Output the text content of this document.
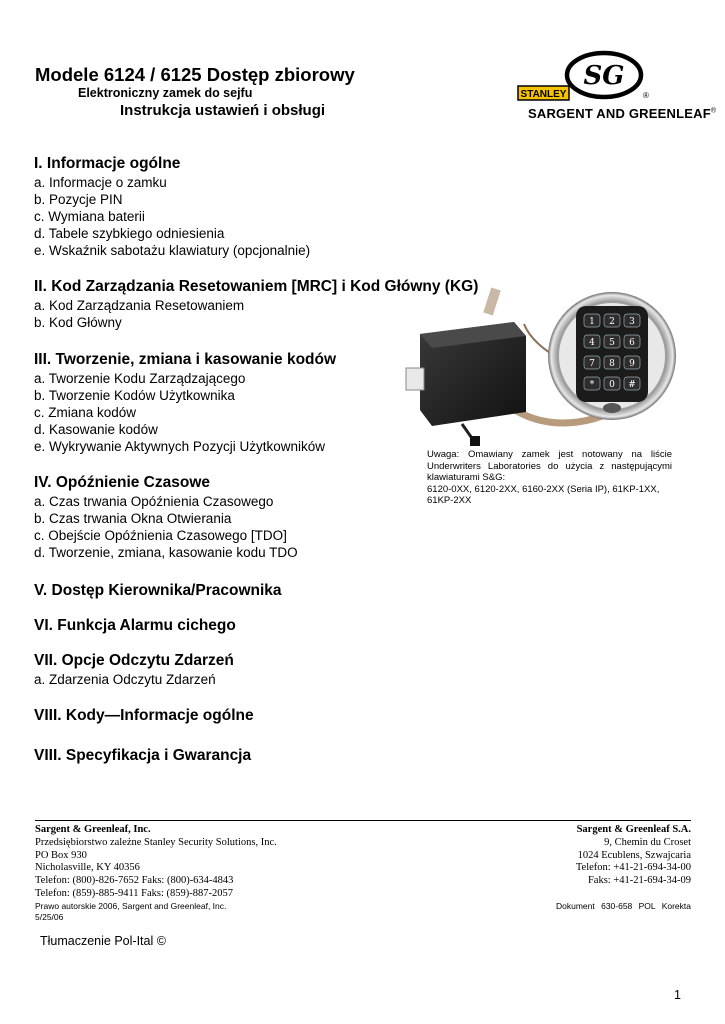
Modele 6124 / 6125 Dostęp zbiorowy
Elektroniczny zamek do sejfu
Instrukcja ustawień i obsługi
SG
STANLEY	®
SARGENT AND GREENLEAF®
I. Informacje ogólne
a. Informacje o zamku
b. Pozycje PIN
c. Wymiana baterii
d. Tabele szybkiego odniesienia
e. Wskaźnik sabotażu klawiatury (opcjonalnie)
II. Kod Zarządzania Resetowaniem [MRC] i Kod Główny (KG)
a. Kod Zarządzania Resetowaniem
b. Kod Główny
III. Tworzenie, zmiana i kasowanie kodów
a. Tworzenie Kodu Zarządzającego
b. Tworzenie Kodów Użytkownika
c. Zmiana kodów
d. Kasowanie kodów
e. Wykrywanie Aktywnych Pozycji Użytkowników
IV. Opóźnienie Czasowe
a. Czas trwania Opóźnienia Czasowego
b. Czas trwania Okna Otwierania
c. Obejście Opóźnienia Czasowego [TDO]
d. Tworzenie, zmiana, kasowanie kodu TDO
V. Dostęp Kierownika/Pracownika
VI. Funkcja Alarmu cichego
VII. Opcje Odczytu Zdarzeń
a. Zdarzenia Odczytu Zdarzeń
VIII. Kody—Informacje ogólne
VIII. Specyfikacja i Gwarancja
1 2 3
4 5 6
7 8 9
* 0 #
Uwaga: Omawiany zamek jest notowany na liście Underwriters Laboratories do użycia z następującymi klawiaturami S&G:
6120-0XX, 6120-2XX, 6160-2XX (Seria IP), 61KP-1XX, 61KP-2XX
Sargent & Greenleaf, Inc.
Przedsiębiorstwo zależne Stanley Security Solutions, Inc.
PO Box 930
Nicholasville, KY 40356
Telefon: (800)-826-7652 Faks: (800)-634-4843
Telefon: (859)-885-9411 Faks: (859)-887-2057
Prawo autorskie 2006, Sargent and Greenleaf, Inc.
5/25/06
Sargent & Greenleaf S.A.
9, Chemin du Croset
1024 Ecublens, Szwajcaria
Telefon: +41-21-694-34-00
Faks: +41-21-694-34-09
Dokument 630-658 POL Korekta
Tłumaczenie Pol-Ital ©
1
